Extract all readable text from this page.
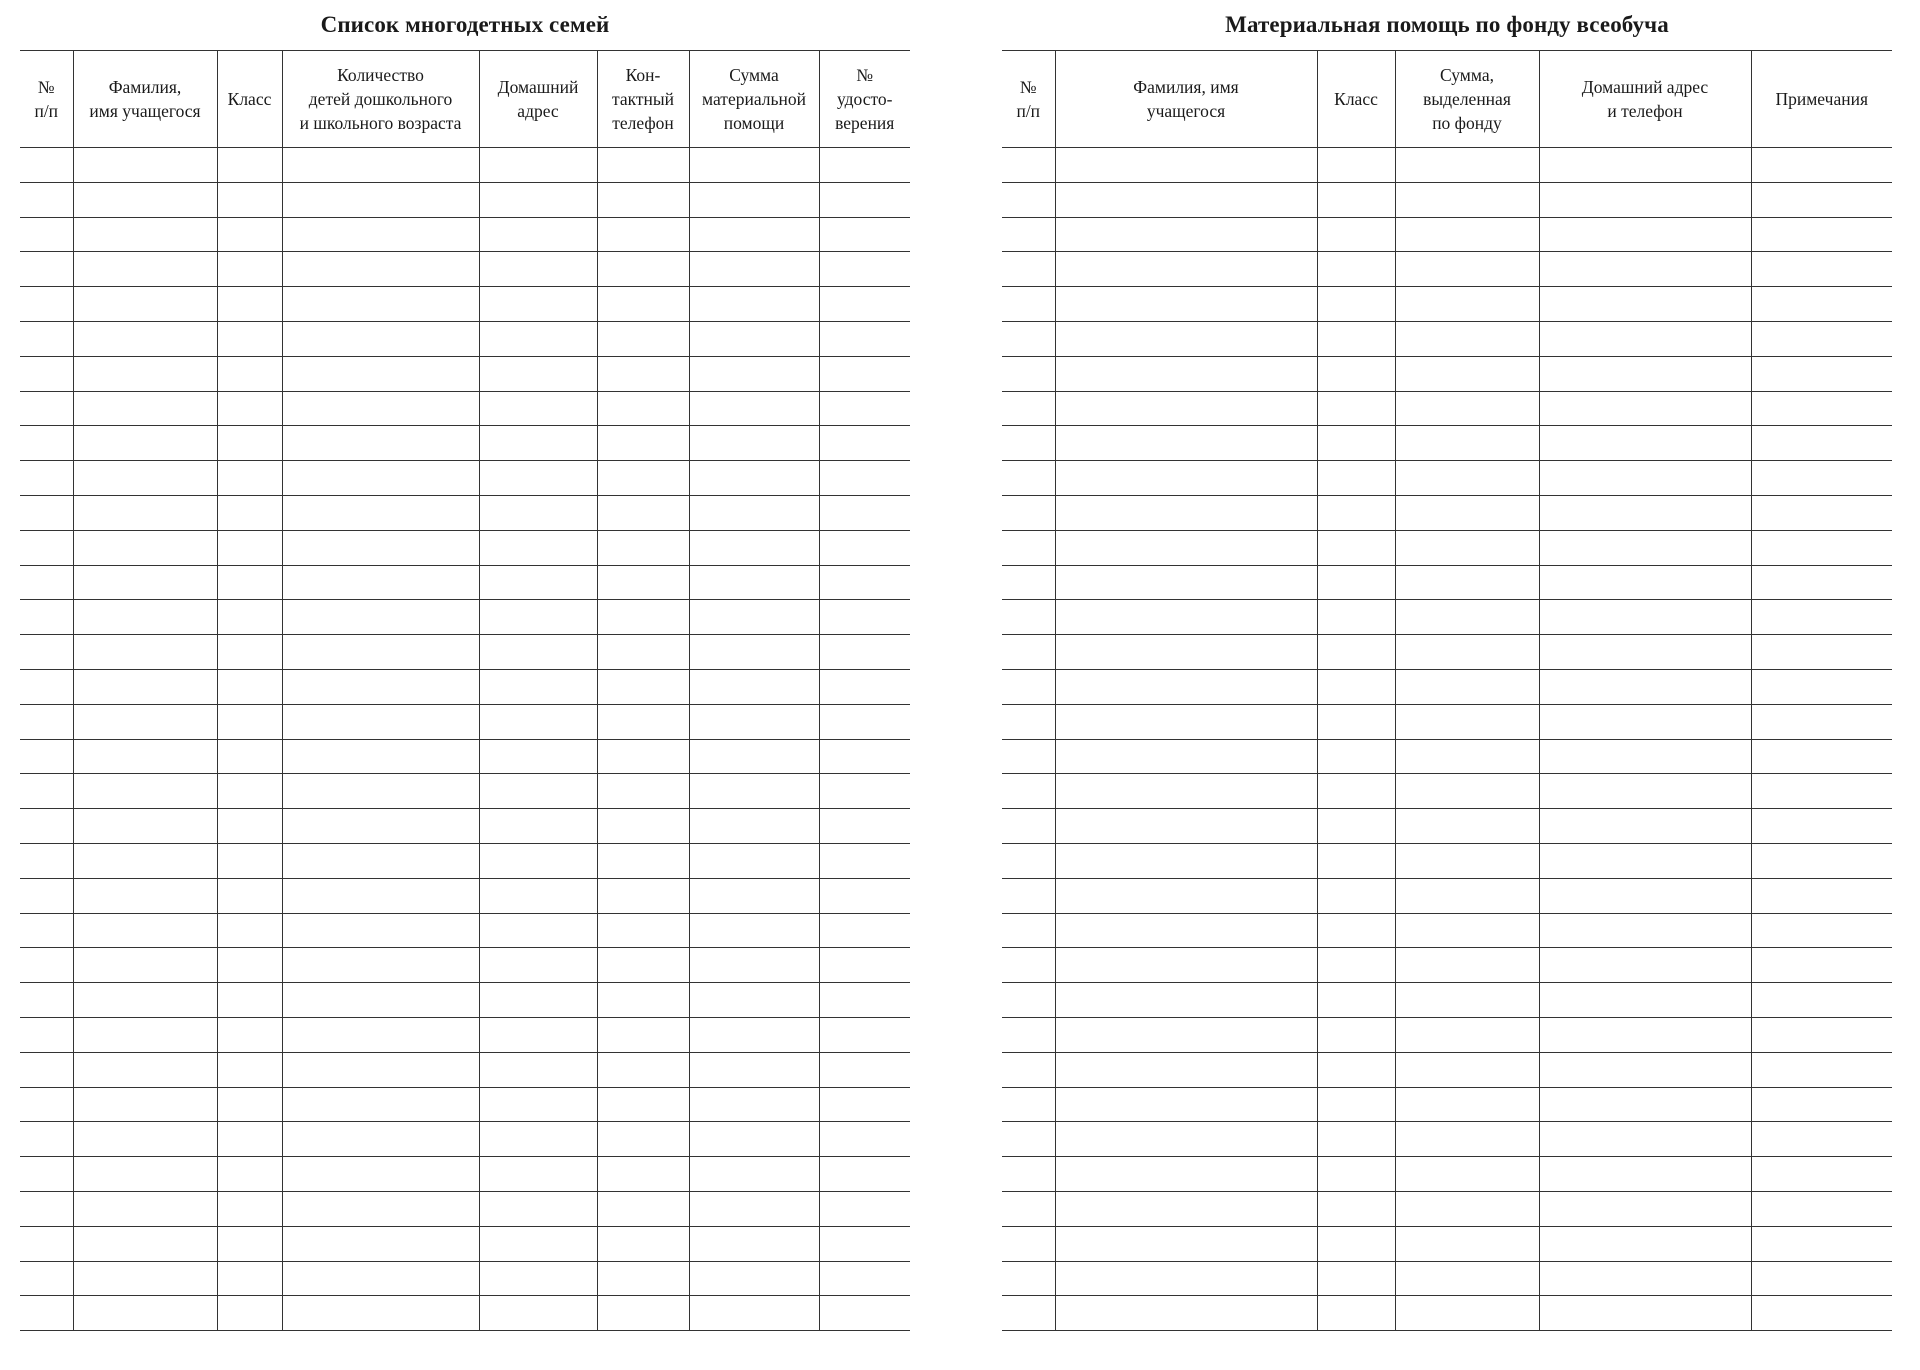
Список многодетных семей
№
п/п	Фамилия,
имя учащегося	Класс	Количество
детей дошкольного
и школьного возраста	Домашний
адрес	Кон-
тактный
телефон	Сумма
материальной
помощи	№
удосто-
верения

Материальная помощь по фонду всеобуча
№
п/п	Фамилия, имя
учащегося	Класс	Сумма,
выделенная
по фонду	Домашний адрес
и телефон	Примечания
